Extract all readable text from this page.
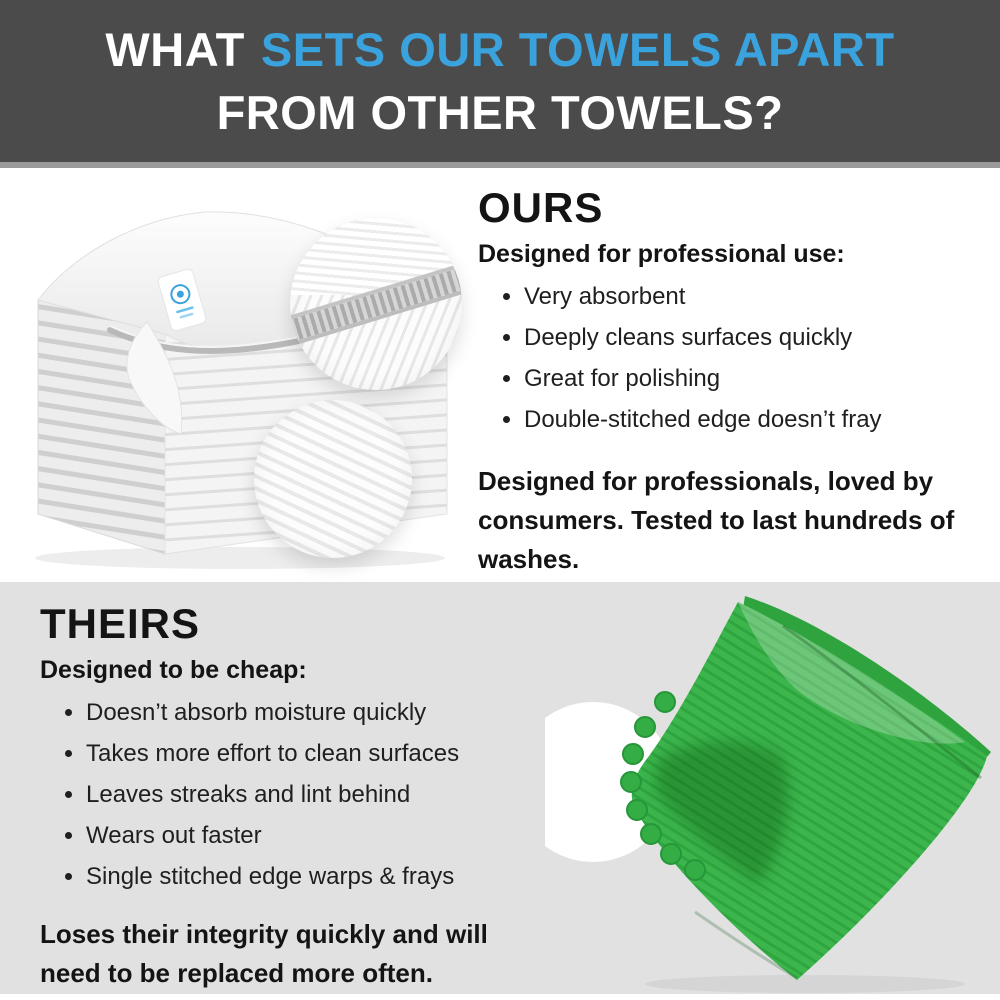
WHAT SETS OUR TOWELS APART
FROM OTHER TOWELS?
OURS

Designed for professional use:

• Very absorbent
• Deeply cleans surfaces quickly
• Great for polishing
• Double-stitched edge doesn’t fray

Designed for professionals, loved by consumers. Tested to last hundreds of washes.

THEIRS

Designed to be cheap:

• Doesn’t absorb moisture quickly
• Takes more effort to clean surfaces
• Leaves streaks and lint behind
• Wears out faster
• Single stitched edge warps & frays

Loses their integrity quickly and will need to be replaced more often.
